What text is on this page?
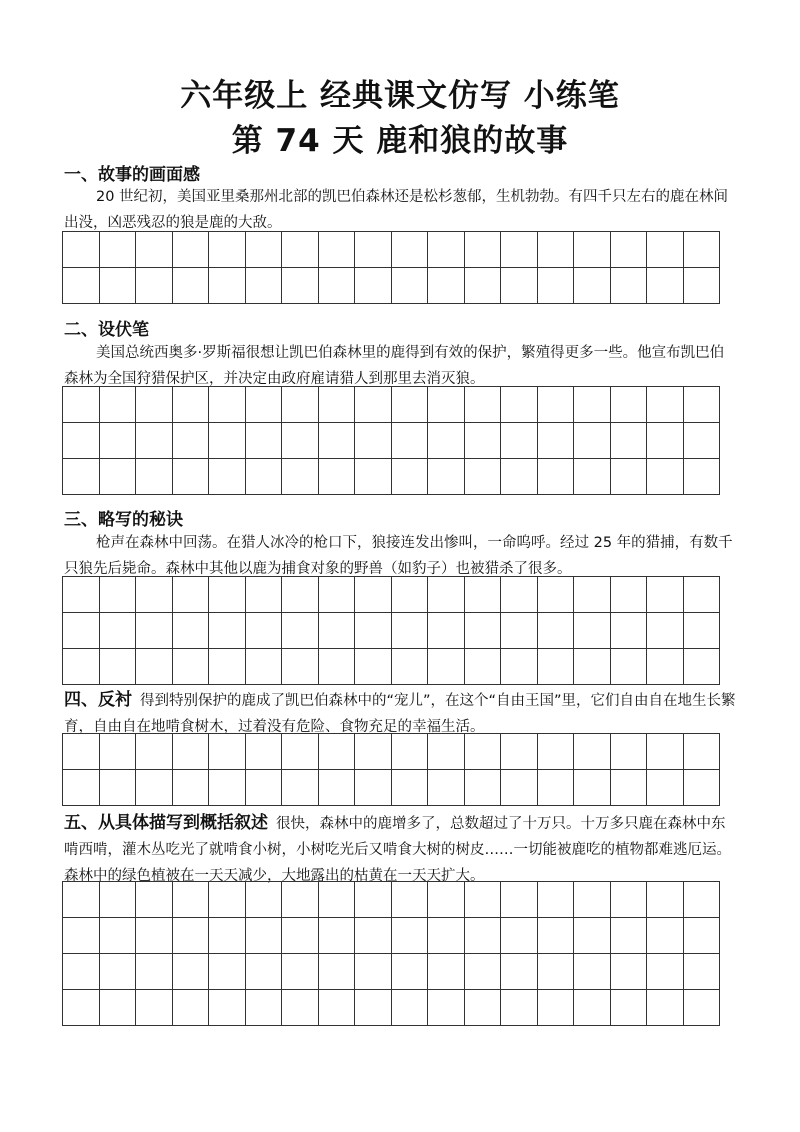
六年级上 经典课文仿写 小练笔
第 74 天 鹿和狼的故事
一、故事的画面感
20 世纪初，美国亚里桑那州北部的凯巴伯森林还是松杉葱郁，生机勃勃。有四千只左右的鹿在林间出没，凶恶残忍的狼是鹿的大敌。
二、设伏笔
美国总统西奥多·罗斯福很想让凯巴伯森林里的鹿得到有效的保护，繁殖得更多一些。他宣布凯巴伯森林为全国狩猎保护区，并决定由政府雇请猎人到那里去消灭狼。
三、略写的秘诀
枪声在森林中回荡。在猎人冰冷的枪口下，狼接连发出惨叫，一命呜呼。经过 25 年的猎捕，有数千只狼先后毙命。森林中其他以鹿为捕食对象的野兽（如豹子）也被猎杀了很多。
四、反衬 得到特别保护的鹿成了凯巴伯森林中的“宠儿”，在这个“自由王国”里，它们自由自在地生长繁育，自由自在地啃食树木，过着没有危险、食物充足的幸福生活。
五、从具体描写到概括叙述 很快，森林中的鹿增多了，总数超过了十万只。十万多只鹿在森林中东啃西啃，灌木丛吃光了就啃食小树，小树吃光后又啃食大树的树皮……一切能被鹿吃的植物都难逃厄运。森林中的绿色植被在一天天减少，大地露出的枯黄在一天天扩大。
